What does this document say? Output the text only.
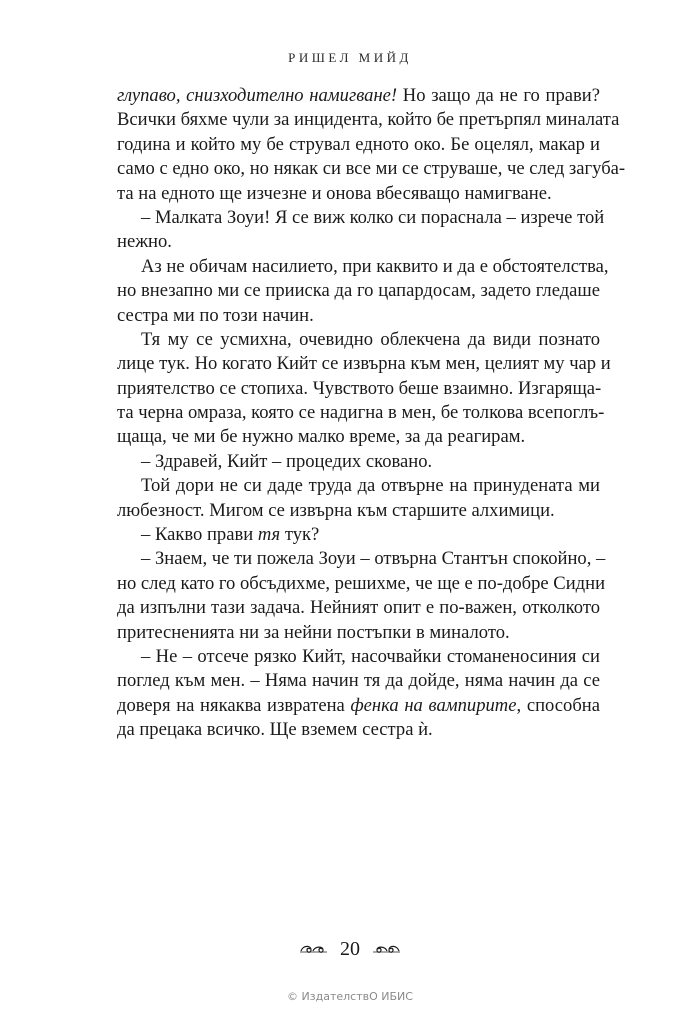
РИШЕЛ МИЙД
глупаво, снизходително намигване! Но защо да не го прави?
Всички бяхме чули за инцидента, който бе претърпял миналата
година и който му бе струвал едното око. Бе оцелял, макар и
само с едно око, но някак си все ми се струваше, че след загуба-
та на едното ще изчезне и онова вбесяващо намигване.
– Малката Зоуи! Я се виж колко си пораснала – изрече той
нежно.
Аз не обичам насилието, при каквито и да е обстоятелства,
но внезапно ми се прииска да го цапардосам, задето гледаше
сестра ми по този начин.
Тя му се усмихна, очевидно облекчена да види познато
лице тук. Но когато Кийт се извърна към мен, целият му чар и
приятелство се стопиха. Чувството беше взаимно. Изгаряща-
та черна омраза, която се надигна в мен, бе толкова всепоглъ-
щаща, че ми бе нужно малко време, за да реагирам.
– Здравей, Кийт – процедих сковано.
Той дори не си даде труда да отвърне на принудената ми
любезност. Мигом се извърна към старшите алхимици.
– Какво прави тя тук?
– Знаем, че ти пожела Зоуи – отвърна Стантън спокойно, –
но след като го обсъдихме, решихме, че ще е по-добре Сидни
да изпълни тази задача. Нейният опит е по-важен, отколкото
притесненията ни за нейни постъпки в миналото.
– Не – отсече рязко Кийт, насочвайки стоманеносиния си
поглед към мен. – Няма начин тя да дойде, няма начин да се
доверя на някаква извратена фенка на вампирите, способна
да прецака всичко. Ще вземем сестра ѝ.
20
© ИздателствО ИБИС
